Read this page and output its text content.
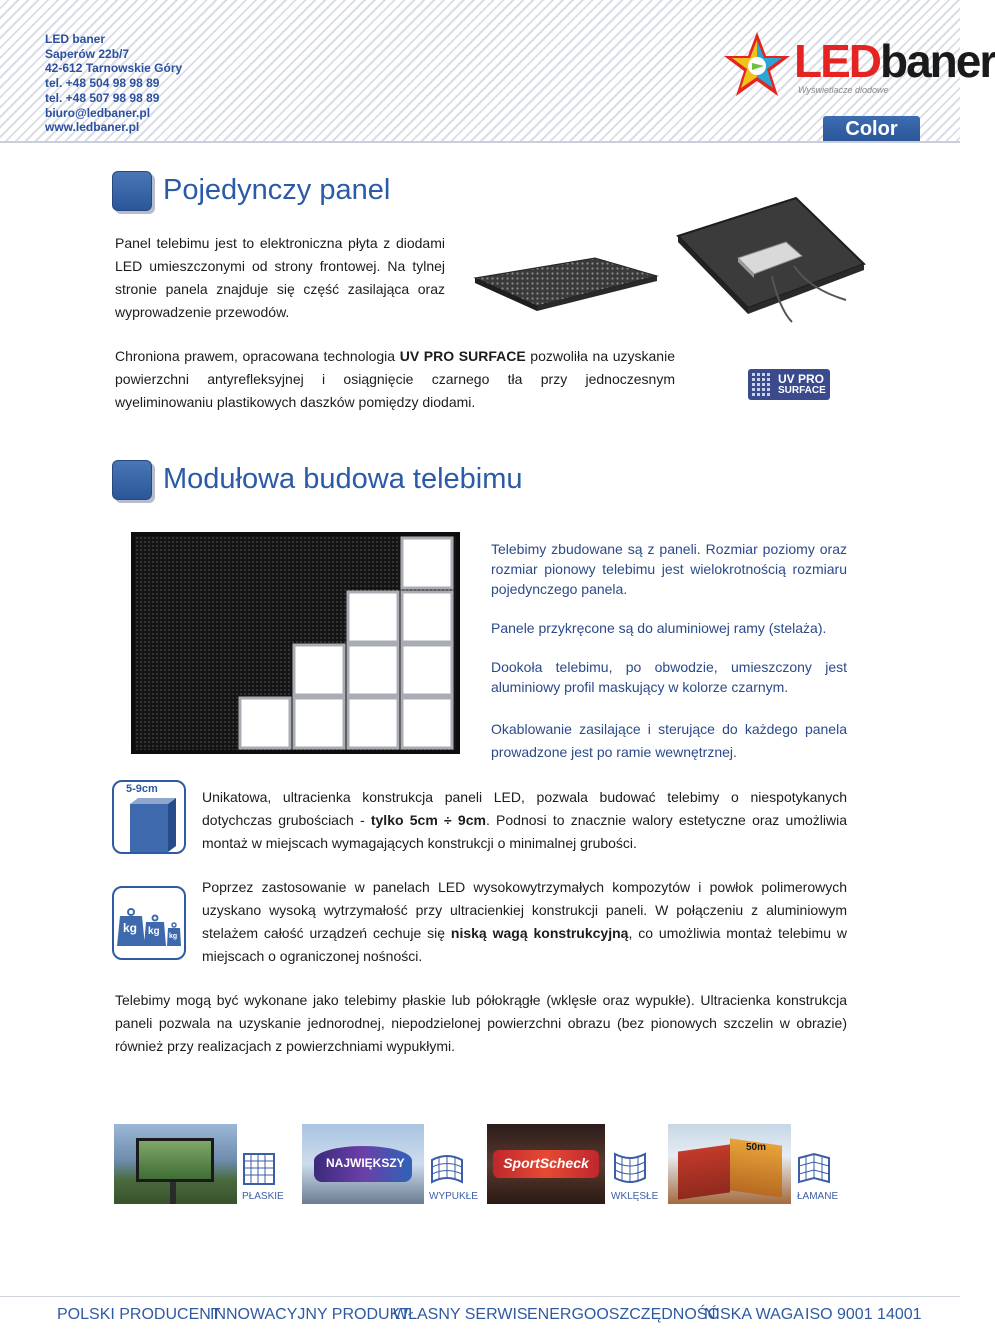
LED baner
Saperów 22b/7
42-612 Tarnowskie Góry
tel. +48 504 98 98 89
tel. +48 507 98 98 89
biuro@ledbaner.pl
www.ledbaner.pl
LEDbaner
Wyświetlacze diodowe
Color
Pojedynczy panel
Panel telebimu jest to elektroniczna płyta z diodami LED umieszczonymi od strony frontowej. Na tylnej stronie panela znajduje się część zasilająca oraz wyprowadzenie przewodów.
Chroniona prawem, opracowana technologia UV PRO SURFACE pozwoliła na uzyskanie powierzchni antyrefleksyjnej i osiągnięcie czarnego tła przy jednoczesnym wyeliminowaniu plastikowych daszków pomiędzy diodami.
UV PRO
SURFACE
Modułowa budowa telebimu
Telebimy zbudowane są z paneli. Rozmiar poziomy oraz rozmiar pionowy telebimu jest wielokrotnością rozmiaru pojedynczego panela.
Panele przykręcone są do aluminiowej ramy (stelaża).
Dookoła telebimu, po obwodzie, umieszczony jest aluminiowy profil maskujący w kolorze czarnym.
Okablowanie zasilające i sterujące do każdego panela prowadzone jest po ramie wewnętrznej.
5-9cm	Unikatowa, ultracienka konstrukcja paneli LED, pozwala budować telebimy o niespotykanych dotychczas grubościach - tylko 5cm ÷ 9cm. Podnosi to znacznie walory estetyczne oraz umożliwia montaż w miejscach wymagających konstrukcji o minimalnej grubości.
kg kg kg
Poprzez zastosowanie w panelach LED wysokowytrzymałych kompozytów i powłok polimerowych uzyskano wysoką wytrzymałość przy ultracienkiej konstrukcji paneli. W połączeniu z aluminiowym stelażem całość urządzeń cechuje się niską wagą konstrukcyjną, co umożliwia montaż telebimu w miejscach o ograniczonej nośności.
Telebimy mogą być wykonane jako telebimy płaskie lub półokrągłe (wklęsłe oraz wypukłe). Ultracienka konstrukcja paneli pozwala na uzyskanie jednorodnej, niepodzielonej powierzchni obrazu (bez pionowych szczelin w obrazie) również przy realizacjach z powierzchniami wypukłymi.
PŁASKIE
NAJWIĘKSZY
WYPUKŁE
SportScheck
WKLĘSŁE
50m
ŁAMANE
POLSKI PRODUCENT
INNOWACYJNY PRODUKT
WŁASNY SERWIS ENERGOOSZCZĘDNOŚĆ
NISKA WAGA ISO 9001 14001
